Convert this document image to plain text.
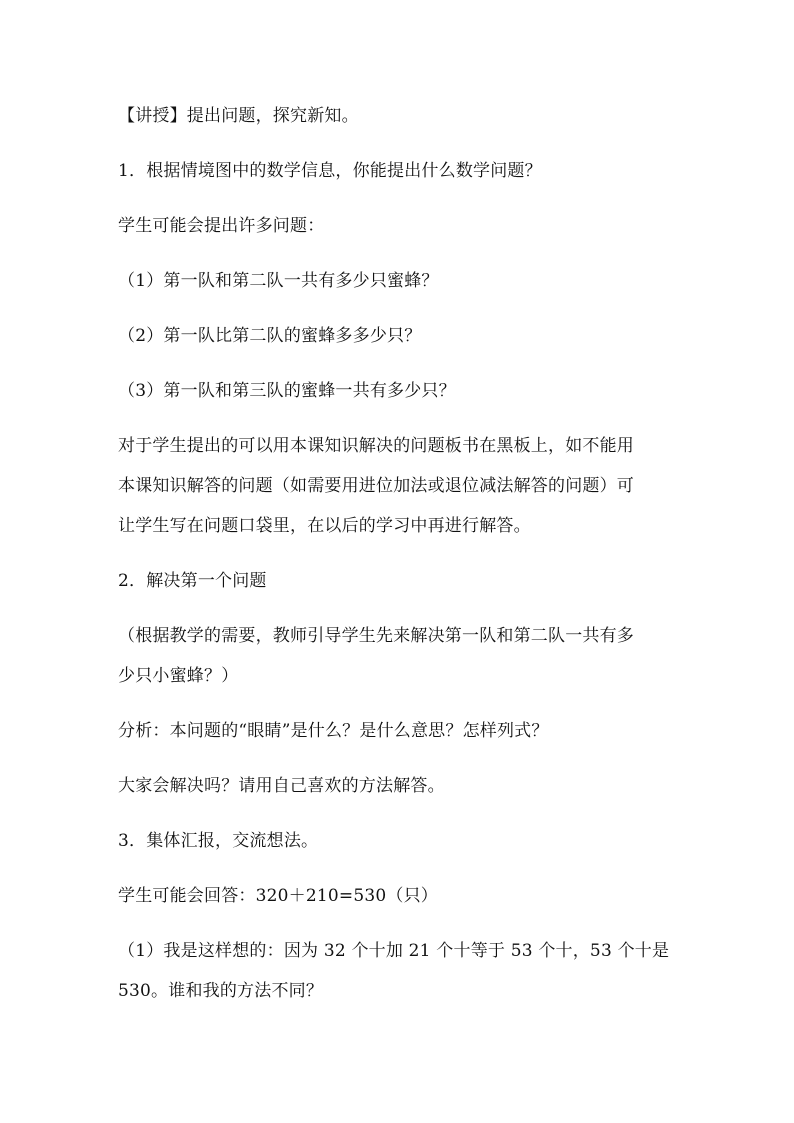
【讲授】提出问题，探究新知。

1．根据情境图中的数学信息，你能提出什么数学问题？

学生可能会提出许多问题：

（1）第一队和第二队一共有多少只蜜蜂？

（2）第一队比第二队的蜜蜂多多少只？

（3）第一队和第三队的蜜蜂一共有多少只？

对于学生提出的可以用本课知识解决的问题板书在黑板上，如不能用

本课知识解答的问题（如需要用进位加法或退位减法解答的问题）可

让学生写在问题口袋里，在以后的学习中再进行解答。

2．解决第一个问题

（根据教学的需要，教师引导学生先来解决第一队和第二队一共有多

少只小蜜蜂？）

分析：本问题的“眼睛”是什么？是什么意思？怎样列式？

大家会解决吗？请用自己喜欢的方法解答。

3．集体汇报，交流想法。

学生可能会回答：320＋210=530（只）

（1）我是这样想的：因为 32 个十加 21 个十等于 53 个十，53 个十是

530。谁和我的方法不同？
